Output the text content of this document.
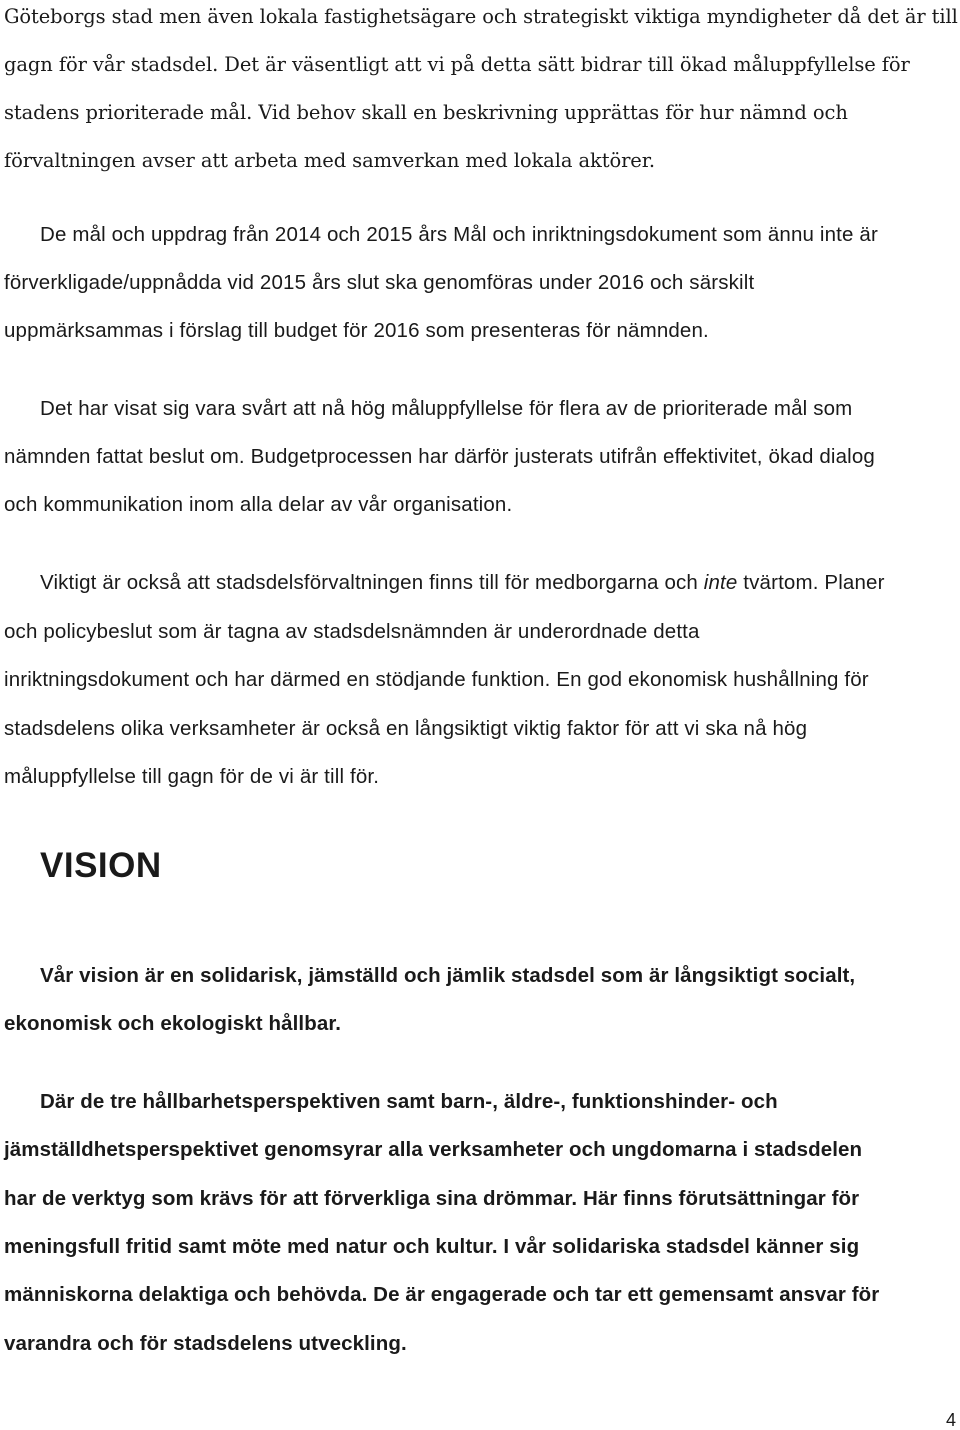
Göteborgs stad men även lokala fastighetsägare och strategiskt viktiga myndigheter då det är till
gagn för vår stadsdel. Det är väsentligt att vi på detta sätt bidrar till ökad måluppfyllelse för
stadens prioriterade mål. Vid behov skall en beskrivning upprättas för hur nämnd och
förvaltningen avser att arbeta med samverkan med lokala aktörer.
De mål och uppdrag från 2014 och 2015 års Mål och inriktningsdokument som ännu inte är
förverkligade/uppnådda vid 2015 års slut ska genomföras under 2016 och särskilt
uppmärksammas i förslag till budget för 2016 som presenteras för nämnden.
Det har visat sig vara svårt att nå hög måluppfyllelse för flera av de prioriterade mål som
nämnden fattat beslut om. Budgetprocessen har därför justerats utifrån effektivitet, ökad dialog
och kommunikation inom alla delar av vår organisation.
Viktigt är också att stadsdelsförvaltningen finns till för medborgarna och inte tvärtom. Planer
och policybeslut som är tagna av stadsdelsnämnden är underordnade detta
inriktningsdokument och har därmed en stödjande funktion. En god ekonomisk hushållning för
stadsdelens olika verksamheter är också en långsiktigt viktig faktor för att vi ska nå hög
måluppfyllelse till gagn för de vi är till för.
VISION
Vår vision är en solidarisk, jämställd och jämlik stadsdel som är långsiktigt socialt,
ekonomisk och ekologiskt hållbar.
Där de tre hållbarhetsperspektiven samt barn-, äldre-, funktionshinder- och
jämställdhetsperspektivet genomsyrar alla verksamheter och ungdomarna i stadsdelen
har de verktyg som krävs för att förverkliga sina drömmar. Här finns förutsättningar för
meningsfull fritid samt möte med natur och kultur. I vår solidariska stadsdel känner sig
människorna delaktiga och behövda. De är engagerade och tar ett gemensamt ansvar för
varandra och för stadsdelens utveckling.
4
